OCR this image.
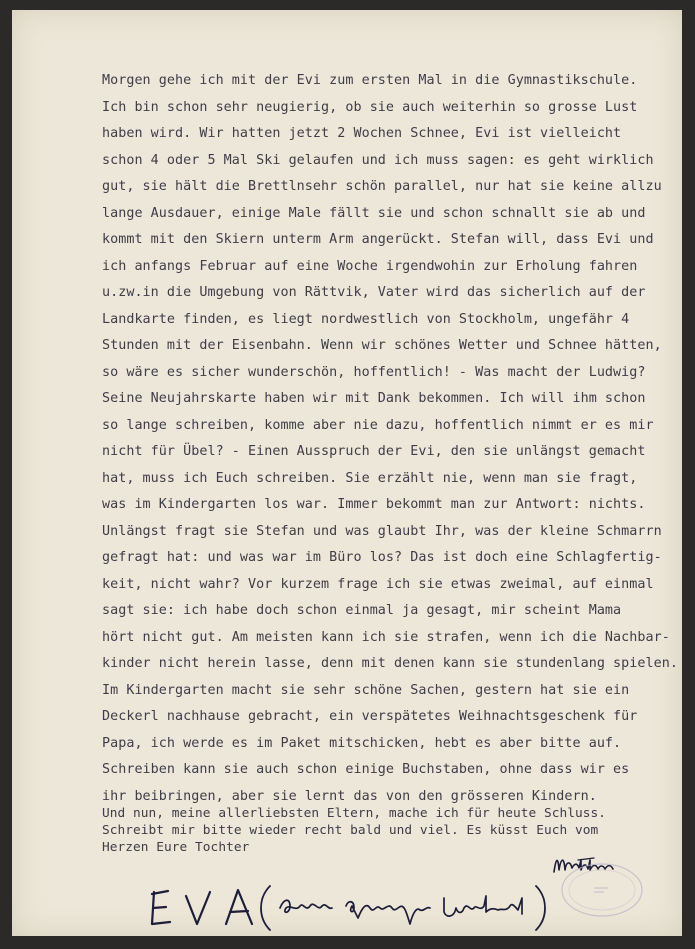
Morgen gehe ich mit der Evi zum ersten Mal in die Gymnastikschule.
Ich bin schon sehr neugierig, ob sie auch weiterhin so grosse Lust
haben wird. Wir hatten jetzt 2 Wochen Schnee, Evi ist vielleicht
schon 4 oder 5 Mal Ski gelaufen und ich muss sagen: es geht wirklich
gut, sie hält die Brettlnsehr schön parallel, nur hat sie keine allzu
lange Ausdauer, einige Male fällt sie und schon schnallt sie ab und
kommt mit den Skiern unterm Arm angerückt. Stefan will, dass Evi und
ich anfangs Februar auf eine Woche irgendwohin zur Erholung fahren
u.zw.in die Umgebung von Rättvik, Vater wird das sicherlich auf der
Landkarte finden, es liegt nordwestlich von Stockholm, ungefähr 4
Stunden mit der Eisenbahn. Wenn wir schönes Wetter und Schnee hätten,
so wäre es sicher wunderschön, hoffentlich! - Was macht der Ludwig?
Seine Neujahrskarte haben wir mit Dank bekommen. Ich will ihm schon
so lange schreiben, komme aber nie dazu, hoffentlich nimmt er es mir
nicht für Übel? - Einen Ausspruch der Evi, den sie unlängst gemacht
hat, muss ich Euch schreiben. Sie erzählt nie, wenn man sie fragt,
was im Kindergarten los war. Immer bekommt man zur Antwort: nichts.
Unlängst fragt sie Stefan und was glaubt Ihr, was der kleine Schmarrn
gefragt hat: und was war im Büro los? Das ist doch eine Schlagfertig-
keit, nicht wahr? Vor kurzem frage ich sie etwas zweimal, auf einmal
sagt sie: ich habe doch schon einmal ja gesagt, mir scheint Mama
hört nicht gut. Am meisten kann ich sie strafen, wenn ich die Nachbar-
kinder nicht herein lasse, denn mit denen kann sie stundenlang spielen.
Im Kindergarten macht sie sehr schöne Sachen, gestern hat sie ein
Deckerl nachhause gebracht, ein verspätetes Weihnachtsgeschenk für
Papa, ich werde es im Paket mitschicken, hebt es aber bitte auf.
Schreiben kann sie auch schon einige Buchstaben, ohne dass wir es
ihr beibringen, aber sie lernt das von den grösseren Kindern.
Und nun, meine allerliebsten Eltern, mache ich für heute Schluss.
Schreibt mir bitte wieder recht bald und viel. Es küsst Euch vom
Herzen Eure Tochter
